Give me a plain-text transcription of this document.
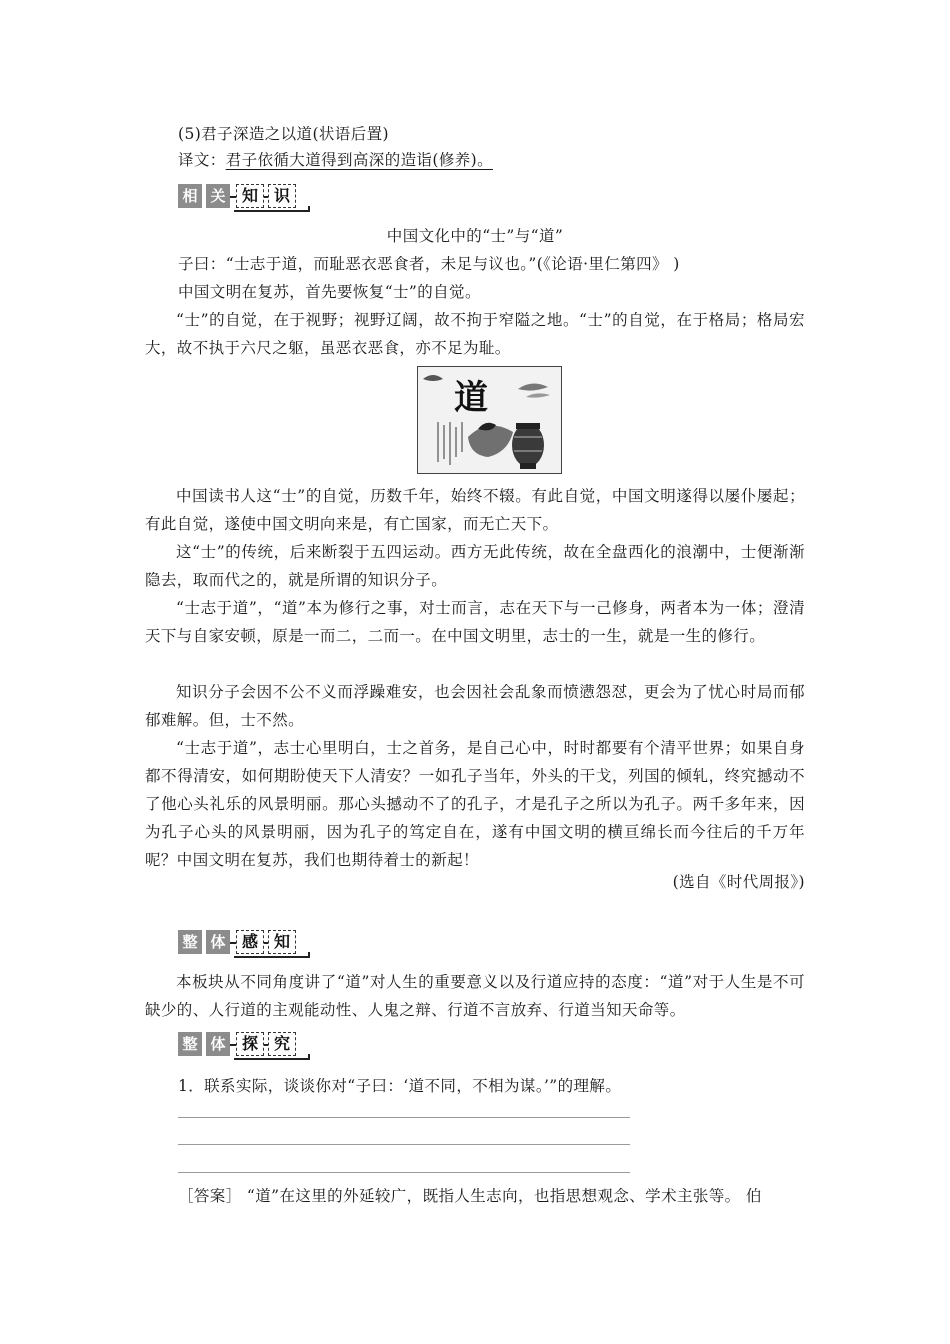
(5)君子深造之以道(状语后置)
译文：君子依循大道得到高深的造诣(修养)。
相 关	知 识
中国文化中的“士”与“道”
子曰：“士志于道，而耻恶衣恶食者，未足与议也。”(《论语·里仁第四》 )
中国文明在复苏，首先要恢复“士”的自觉。
“士”的自觉，在于视野；视野辽阔，故不拘于窄隘之地。“士”的自觉，在于格局；格局宏大，故不执于六尺之躯，虽恶衣恶食，亦不足为耻。
道
中国读书人这“士”的自觉，历数千年，始终不辍。有此自觉，中国文明遂得以屡仆屡起；有此自觉，遂使中国文明向来是，有亡国家，而无亡天下。
这“士”的传统，后来断裂于五四运动。西方无此传统，故在全盘西化的浪潮中，士便渐渐隐去，取而代之的，就是所谓的知识分子。
“士志于道”，“道”本为修行之事，对士而言，志在天下与一己修身，两者本为一体；澄清天下与自家安顿，原是一而二，二而一。在中国文明里，志士的一生，就是一生的修行。
知识分子会因不公不义而浮躁难安，也会因社会乱象而愤懑怨怼，更会为了忧心时局而郁郁难解。但，士不然。
“士志于道”，志士心里明白，士之首务，是自己心中，时时都要有个清平世界；如果自身都不得清安，如何期盼使天下人清安？一如孔子当年，外头的干戈，列国的倾轧，终究撼动不了他心头礼乐的风景明丽。那心头撼动不了的孔子，才是孔子之所以为孔子。两千多年来，因为孔子心头的风景明丽，因为孔子的笃定自在，遂有中国文明的横亘绵长而今往后的千万年呢？中国文明在复苏，我们也期待着士的新起！
(选自《时代周报》)
整 体	感 知
本板块从不同角度讲了“道”对人生的重要意义以及行道应持的态度：“道”对于人生是不可缺少的、人行道的主观能动性、人鬼之辩、行道不言放弃、行道当知天命等。
整 体	探 究
1．联系实际，谈谈你对“子曰：‘道不同，不相为谋。’”的理解。
［答案］ “道”在这里的外延较广，既指人生志向，也指思想观念、学术主张等。 伯
